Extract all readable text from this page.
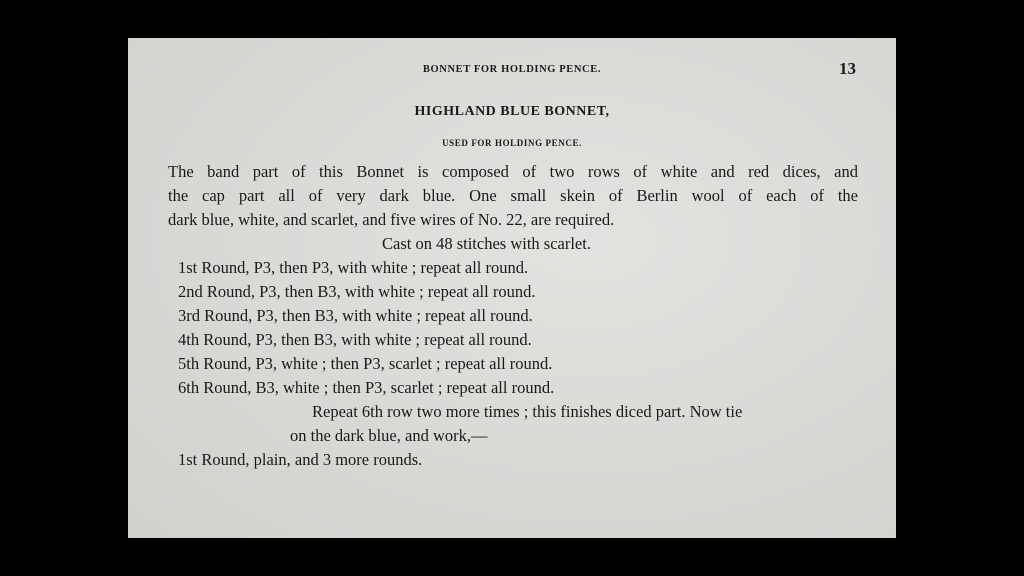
BONNET FOR HOLDING PENCE.	13
HIGHLAND BLUE BONNET,
USED FOR HOLDING PENCE.
The band part of this Bonnet is composed of two rows of white and red dices, and
the cap part all of very dark blue. One small skein of Berlin wool of each of the
dark blue, white, and scarlet, and five wires of No. 22, are required.
Cast on 48 stitches with scarlet.
1st Round, P3, then P3, with white ; repeat all round.
2nd Round, P3, then B3, with white ; repeat all round.
3rd Round, P3, then B3, with white ; repeat all round.
4th Round, P3, then B3, with white ; repeat all round.
5th Round, P3, white ; then P3, scarlet ; repeat all round.
6th Round, B3, white ; then P3, scarlet ; repeat all round.
Repeat 6th row two more times ; this finishes diced part. Now tie
on the dark blue, and work,—
1st Round, plain, and 3 more rounds.
